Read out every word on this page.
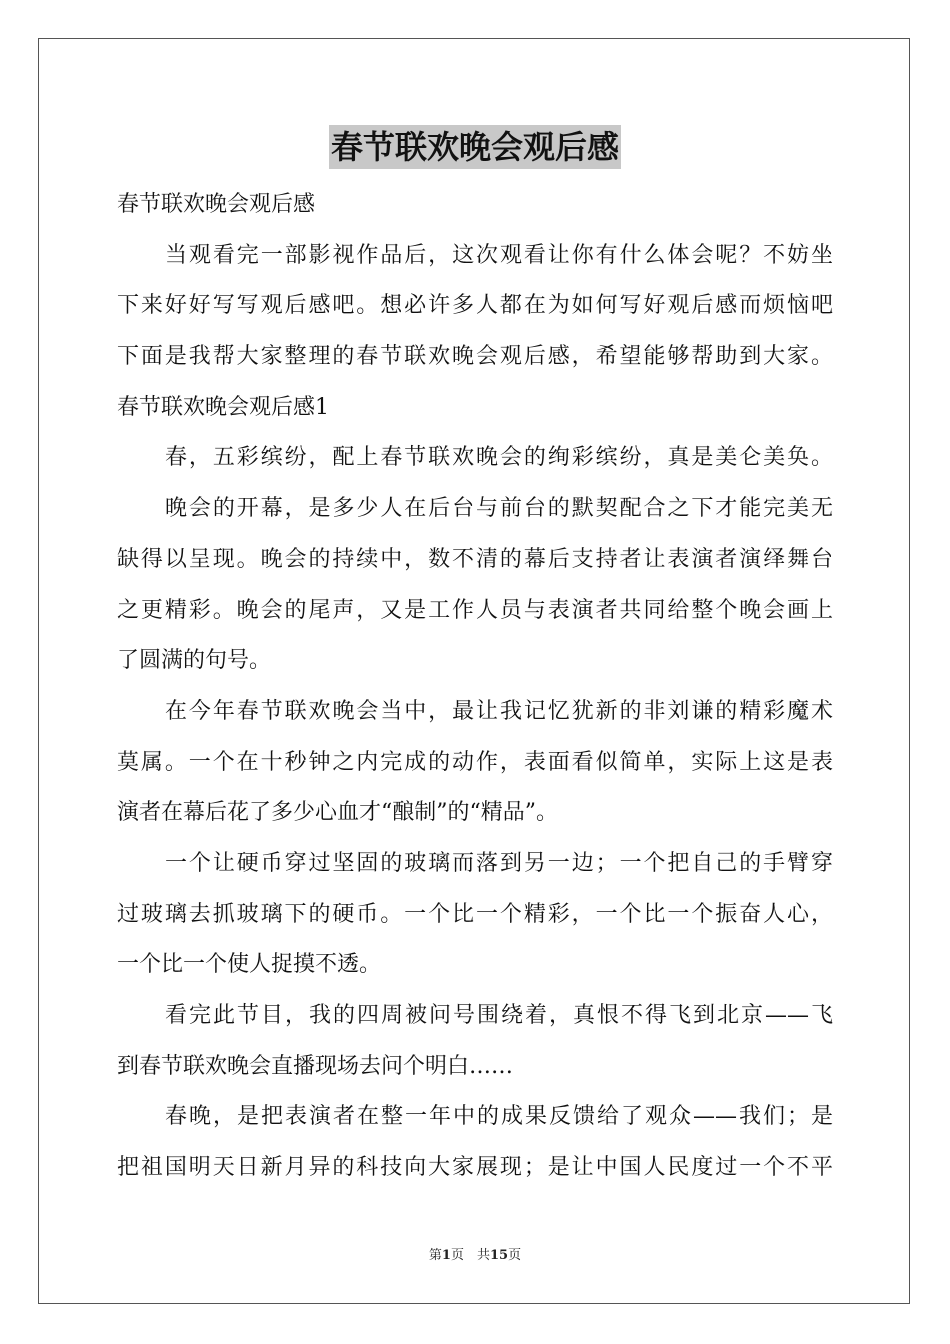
春节联欢晚会观后感
春节联欢晚会观后感
当观看完一部影视作品后，这次观看让你有什么体会呢？不妨坐
下来好好写写观后感吧。想必许多人都在为如何写好观后感而烦恼吧
下面是我帮大家整理的春节联欢晚会观后感，希望能够帮助到大家。
春节联欢晚会观后感1
春，五彩缤纷，配上春节联欢晚会的绚彩缤纷，真是美仑美奂。
晚会的开幕，是多少人在后台与前台的默契配合之下才能完美无
缺得以呈现。晚会的持续中，数不清的幕后支持者让表演者演绎舞台
之更精彩。晚会的尾声，又是工作人员与表演者共同给整个晚会画上
了圆满的句号。
在今年春节联欢晚会当中，最让我记忆犹新的非刘谦的精彩魔术
莫属。一个在十秒钟之内完成的动作，表面看似简单，实际上这是表
演者在幕后花了多少心血才“酿制”的“精品”。
一个让硬币穿过坚固的玻璃而落到另一边；一个把自己的手臂穿
过玻璃去抓玻璃下的硬币。一个比一个精彩，一个比一个振奋人心，
一个比一个使人捉摸不透。
看完此节目，我的四周被问号围绕着，真恨不得飞到北京——飞
到春节联欢晚会直播现场去问个明白……
春晚，是把表演者在整一年中的成果反馈给了观众——我们；是
把祖国明天日新月异的科技向大家展现；是让中国人民度过一个不平
第1页　共15页
